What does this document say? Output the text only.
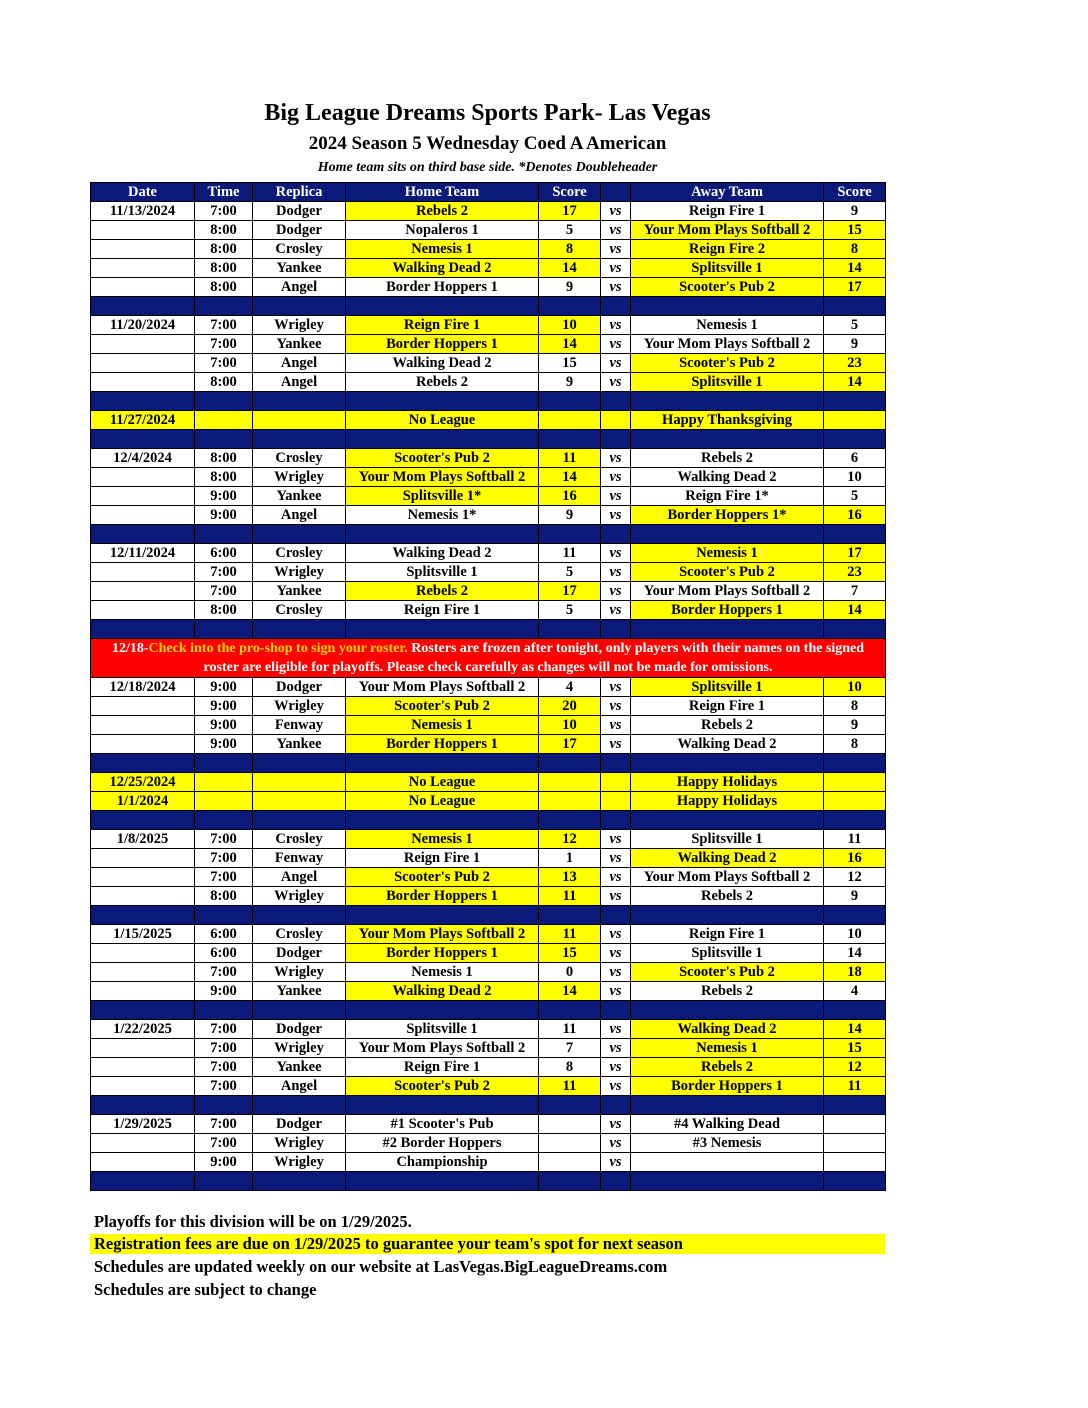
Big League Dreams Sports Park- Las Vegas
2024 Season 5 Wednesday Coed A American
Home team sits on third base side. *Denotes Doubleheader
Date	Time	Replica	Home Team	Score		Away Team	Score
11/13/2024	7:00	Dodger	Rebels 2	17	vs	Reign Fire 1	9
	8:00	Dodger	Nopaleros 1	5	vs	Your Mom Plays Softball 2	15
	8:00	Crosley	Nemesis 1	8	vs	Reign Fire 2	8
	8:00	Yankee	Walking Dead 2	14	vs	Splitsville 1	14
	8:00	Angel	Border Hoppers 1	9	vs	Scooter's Pub 2	17

11/20/2024	7:00	Wrigley	Reign Fire 1	10	vs	Nemesis 1	5
	7:00	Yankee	Border Hoppers 1	14	vs	Your Mom Plays Softball 2	9
	7:00	Angel	Walking Dead 2	15	vs	Scooter's Pub 2	23
	8:00	Angel	Rebels 2	9	vs	Splitsville 1	14

11/27/2024			No League			Happy Thanksgiving	

12/4/2024	8:00	Crosley	Scooter's Pub 2	11	vs	Rebels 2	6
	8:00	Wrigley	Your Mom Plays Softball 2	14	vs	Walking Dead 2	10
	9:00	Yankee	Splitsville 1*	16	vs	Reign Fire 1*	5
	9:00	Angel	Nemesis 1*	9	vs	Border Hoppers 1*	16

12/11/2024	6:00	Crosley	Walking Dead 2	11	vs	Nemesis 1	17
	7:00	Wrigley	Splitsville 1	5	vs	Scooter's Pub 2	23
	7:00	Yankee	Rebels 2	17	vs	Your Mom Plays Softball 2	7
	8:00	Crosley	Reign Fire 1	5	vs	Border Hoppers 1	14

12/18-Check into the pro-shop to sign your roster. Rosters are frozen after tonight, only players with their names on the signed roster are eligible for playoffs. Please check carefully as changes will not be made for omissions.							
12/18/2024	9:00	Dodger	Your Mom Plays Softball 2	4	vs	Splitsville 1	10
	9:00	Wrigley	Scooter's Pub 2	20	vs	Reign Fire 1	8
	9:00	Fenway	Nemesis 1	10	vs	Rebels 2	9
	9:00	Yankee	Border Hoppers 1	17	vs	Walking Dead 2	8

12/25/2024			No League			Happy Holidays	
1/1/2024			No League			Happy Holidays	

1/8/2025	7:00	Crosley	Nemesis 1	12	vs	Splitsville 1	11
	7:00	Fenway	Reign Fire 1	1	vs	Walking Dead 2	16
	7:00	Angel	Scooter's Pub 2	13	vs	Your Mom Plays Softball 2	12
	8:00	Wrigley	Border Hoppers 1	11	vs	Rebels 2	9

1/15/2025	6:00	Crosley	Your Mom Plays Softball 2	11	vs	Reign Fire 1	10
	6:00	Dodger	Border Hoppers 1	15	vs	Splitsville 1	14
	7:00	Wrigley	Nemesis 1	0	vs	Scooter's Pub 2	18
	9:00	Yankee	Walking Dead 2	14	vs	Rebels 2	4

1/22/2025	7:00	Dodger	Splitsville 1	11	vs	Walking Dead 2	14
	7:00	Wrigley	Your Mom Plays Softball 2	7	vs	Nemesis 1	15
	7:00	Yankee	Reign Fire 1	8	vs	Rebels 2	12
	7:00	Angel	Scooter's Pub 2	11	vs	Border Hoppers 1	11

1/29/2025	7:00	Dodger	#1 Scooter's Pub		vs	#4 Walking Dead	
	7:00	Wrigley	#2 Border Hoppers		vs	#3 Nemesis	
	9:00	Wrigley	Championship		vs		

Playoffs for this division will be on 1/29/2025.
Registration fees are due on 1/29/2025 to guarantee your team's spot for next season
Schedules are updated weekly on our website at LasVegas.BigLeagueDreams.com
Schedules are subject to change
